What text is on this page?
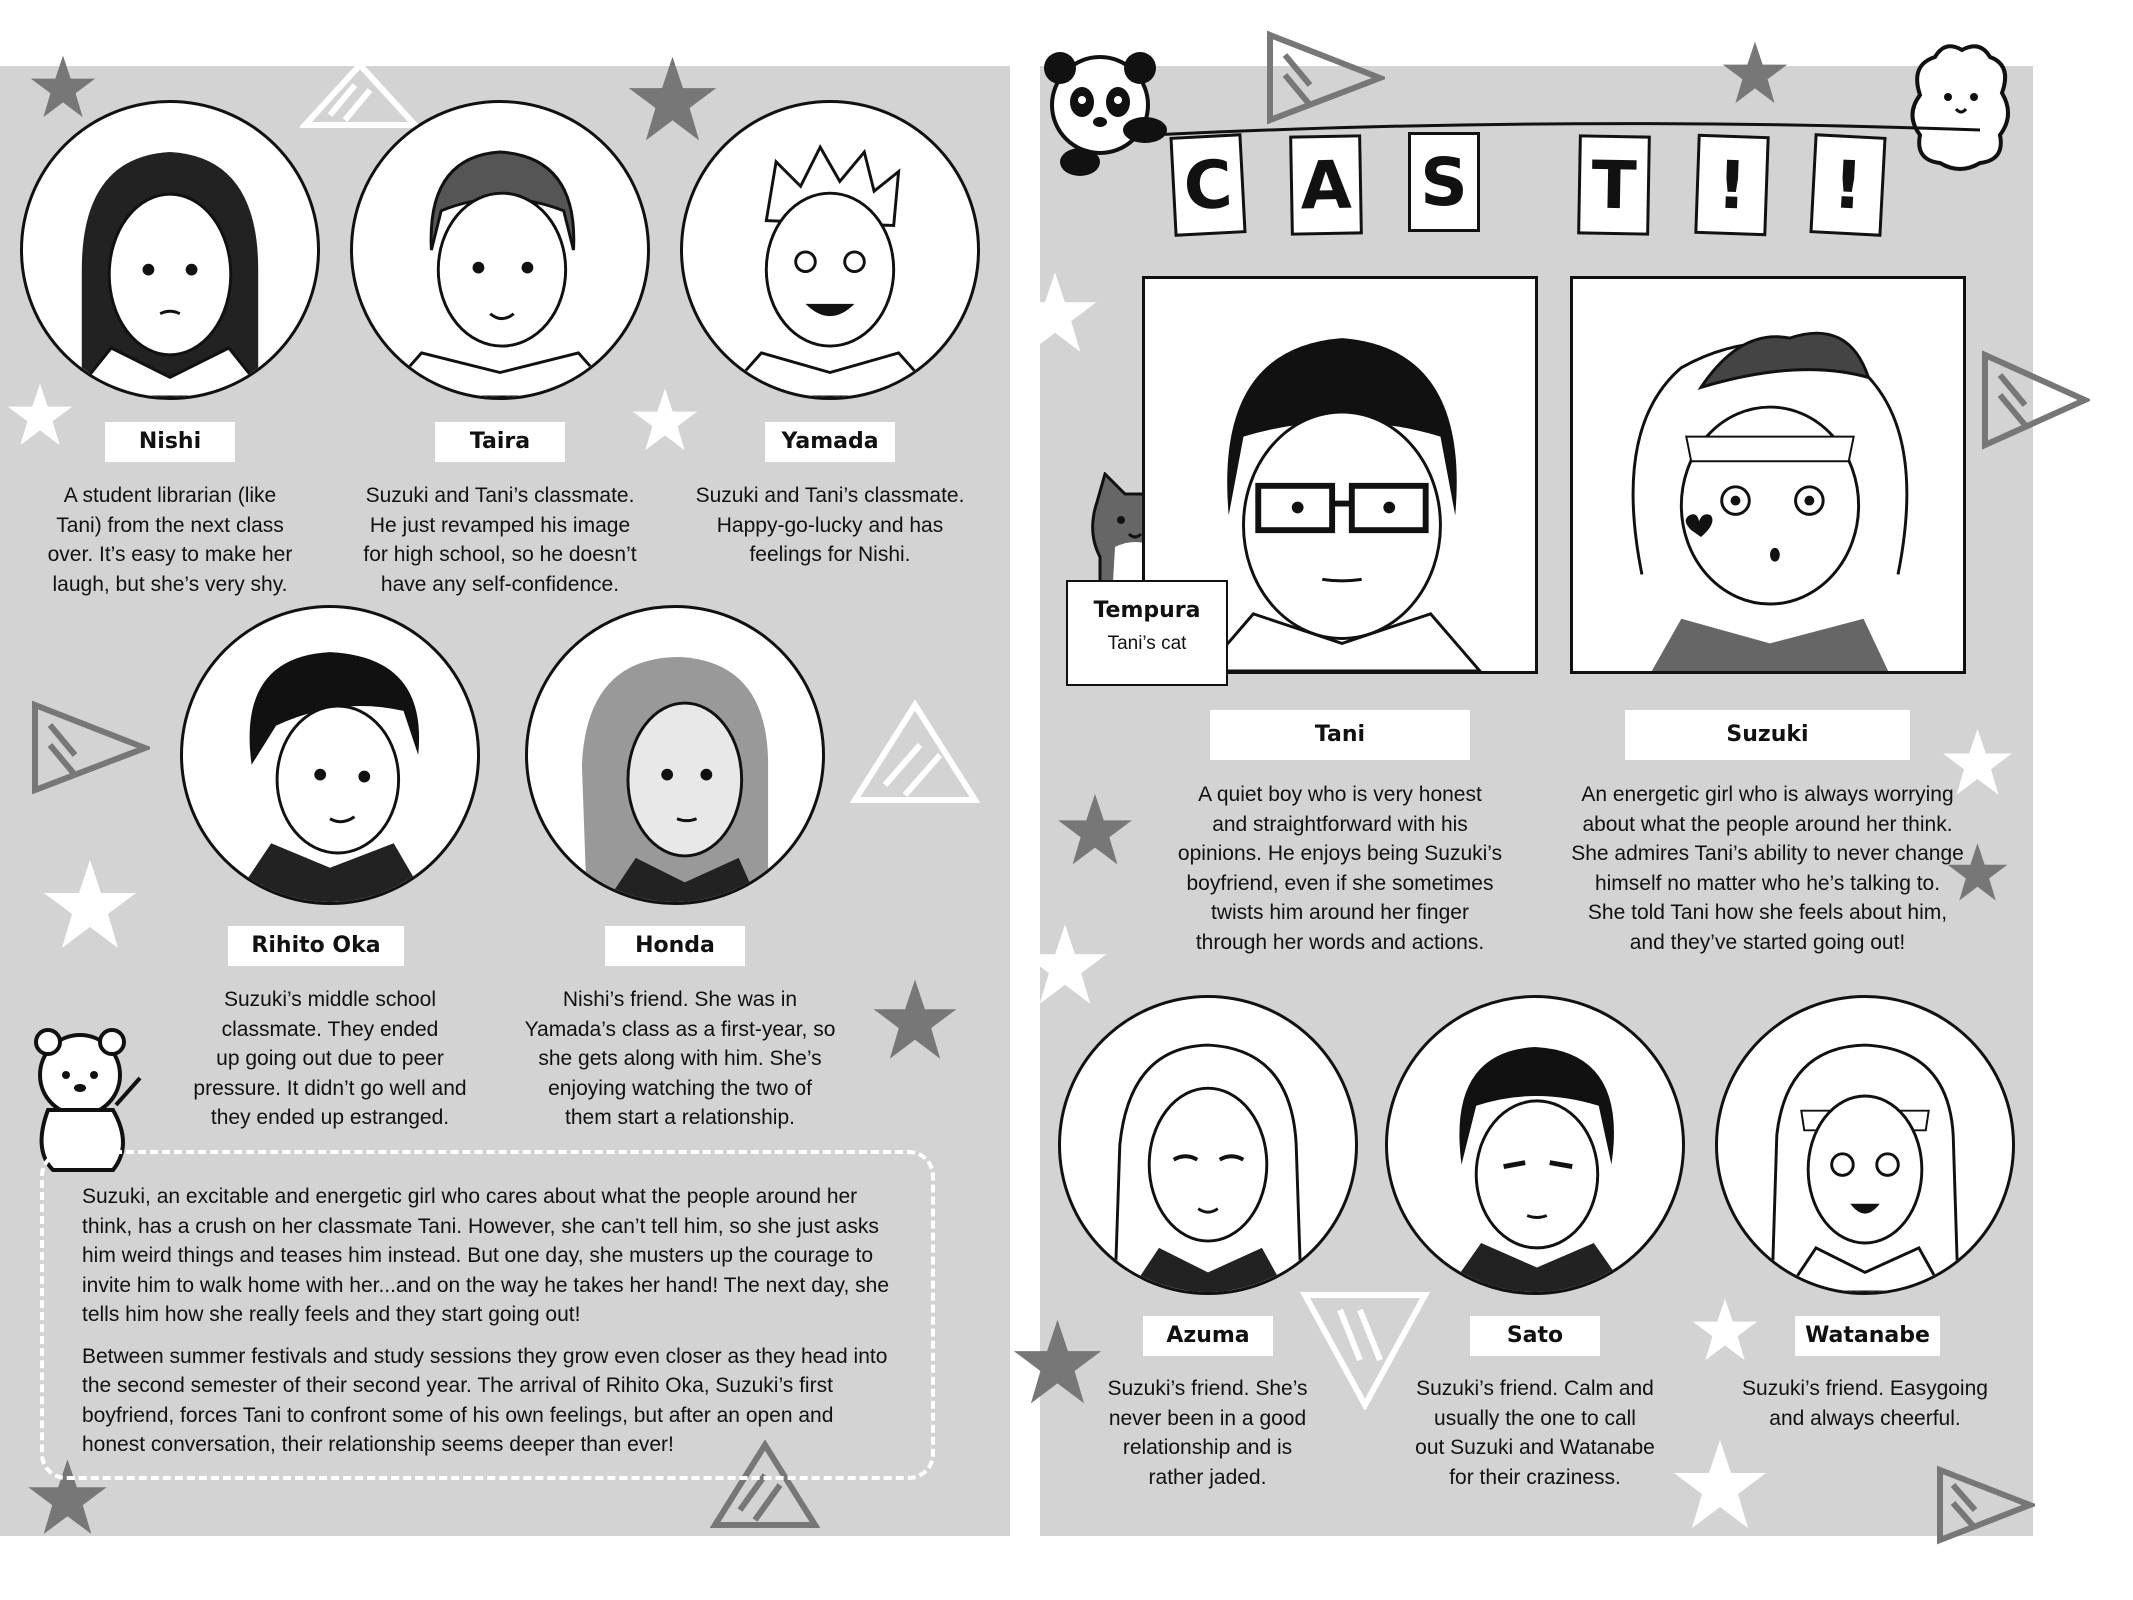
C A S T	!	!
Nishi	Taira	Yamada
A student librarian (like
Tani) from the next class
over. It’s easy to make her
laugh, but she’s very shy.
Suzuki and Tani’s classmate.
He just revamped his image
for high school, so he doesn’t
have any self-confidence.
Suzuki and Tani’s classmate.
Happy-go-lucky and has
feelings for Nishi.
Rihito Oka	Honda
Suzuki’s middle school
classmate. They ended
up going out due to peer
pressure. It didn’t go well and
they ended up estranged.
Nishi’s friend. She was in
Yamada’s class as a first-year, so
she gets along with him. She’s
enjoying watching the two of
them start a relationship.

Suzuki, an excitable and energetic girl who cares about what the people around her think, has a crush on her classmate Tani. However, she can’t tell him, so she just asks him weird things and teases him instead. But one day, she musters up the courage to invite him to walk home with her...and on the way he takes her hand! The next day, she tells him how she really feels and they start going out!

Between summer festivals and study sessions they grow even closer as they head into the second semester of their second year. The arrival of Rihito Oka, Suzuki’s first boyfriend, forces Tani to confront some of his own feelings, but after an open and honest conversation, their relationship seems deeper than ever!

Tempura
Tani’s cat
Tani	Suzuki
A quiet boy who is very honest
and straightforward with his
opinions. He enjoys being Suzuki’s
boyfriend, even if she sometimes
twists him around her finger
through her words and actions.
An energetic girl who is always worrying
about what the people around her think.
She admires Tani’s ability to never change
himself no matter who he’s talking to.
She told Tani how she feels about him,
and they’ve started going out!
Azuma	Sato	Watanabe
Suzuki’s friend. She’s
never been in a good
relationship and is
rather jaded.
Suzuki’s friend. Calm and
usually the one to call
out Suzuki and Watanabe
for their craziness.
Suzuki’s friend. Easygoing
and always cheerful.
